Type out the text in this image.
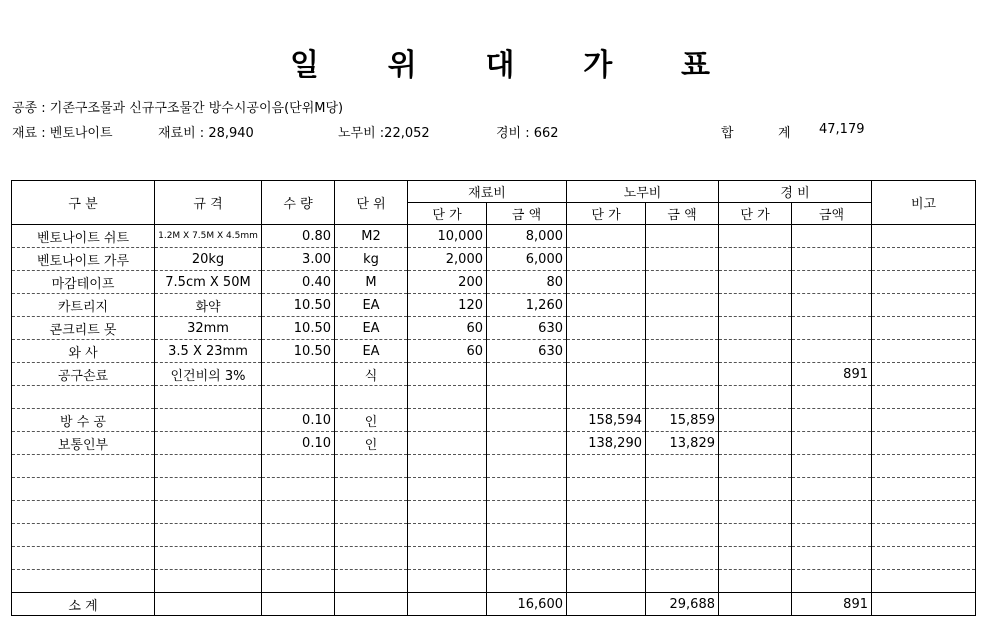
일 위 대 가 표
공종 : 기존구조물과 신규구조물간 방수시공이음(단위M당)
재료 : 벤토나이트	재료비 : 28,940	노무비 :22,052	경비 : 662	합	계 47,179
구 분	규 격	수 량	단 위	재료비		노무비		경 비		비고
				단 가	금 액	단 가	금 액	단 가	금액	
벤토나이트 쉬트	1.2M X 7.5M X 4.5mm	0.80	M2	10,000	8,000					
벤토나이트 가루	20kg	3.00	kg	2,000	6,000					
마감테이프	7.5cm X 50M	0.40	M	200	80					
카트리지	화약	10.50	EA	120	1,260					
콘크리트 못	32mm	10.50	EA	60	630					
와 사	3.5 X 23mm	10.50	EA	60	630					
공구손료	인건비의 3%		식						891	

방 수 공		0.10	인			158,594	15,859			
보통인부		0.10	인			138,290	13,829			

소 계					16,600		29,688		891	
